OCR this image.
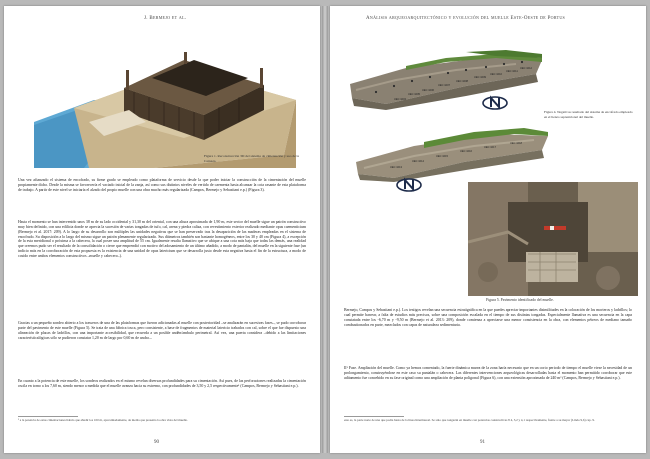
J. Bermejo et al.

Figura 1. Reconstrucción 3D del sistema de cimentación y uso de la Carnaza.

Una vez afianzado el sistema de encofrado, su firme grado se empleado como plataforma de servicio desde la que poder iniciar la construcción de la cimentación del muelle propiamente dicho. Desde la misma se favorecería el vaciado inicial de la zanja, así como sus distintos niveles de vertido de caementa hasta alcanzar la cota rasante de esta plataforma de trabajo. A partir de este nivel se iniciaría el alzado del propio muelle con una obra mucho más regularizada (Campos, Bermejo y Sebastiani e.p.) (Figura 3).

Hasta el momento se han intervenido unos 38 m de su lado occidental y 31,30 m del oriental, con una altura aproximada de 1,90 m, este sector del muelle sigue un patrón constructivo muy bien definido, con una edilicia donde se aprecia la sucesión de varias tongadas de tufo, cal, arena y piedra caliza, con revestimiento exterior realizado mediante opus caementicium (Bermejo et al. 2017: 209). A lo largo de su desarrollo son múltiples las unidades negativas que se han preservado tras la desaparición de las maderas empleadas en el sistema de encofrado. Su disposición a lo largo del mismo sigue un patrón plenamente regularizado. Sus diámetros también son bastante homogéneos, entre los 30 y 40 cm (Figura 4), a excepción de la esta meridional o próxima a la cabecera, la cual posee una amplitud de 55 cm. Igualmente resalta llamativo que se ubique a una cota más baja que todas las demás, una realidad que creemos pudo ser el resultado de la consolidación o cierre que emprendió con motivo del adosamiento de un último añadido, a modo de pantalán, del muelle en la siguiente fase (un indicio más en la corroboración de esta propuesta es la existencia de una unidad de opus latericium que se desarrolla justo desde esta negativa hasta el fin de la estructura, a modo de cosido entre ambos elementos constructivos –muelle y cabecero–).

Gracias a un pequeño sondeo abierto a los trasseros de una de las plataformas que fueron adicionadas al muelle con posterioridad –se analizarán en sucesivas fases–, se pudo corroborar parte del pavimento de este muelle (Figura 5). Se trata de una fábrica tosca, pero consistente, a base de fragmentos de material latericio trabados con cal, sobre el que fue dispuesto una alineación de placas de ladrillos, con una importante accesibilidad, que recuerda a un posible andén/ambulo perimetral. Así vez, una puerta considera –debido a las limitaciones característicalógicas sólo se pudieron constatar 1,20 m de largo por 0,60 m de ancho–.

En cuanto a la potencia de este muelle, los sondeos realizados en el mismo revelan diversas profundidades para su cimentación. Así pues, de las perforaciones realizadas la cimentación oscila en torno a los 7,60 m, siendo menor a medida que el muelle avanza hacia su extremo, con profundidades de 3,50 y 2,5 respectivamente¹ (Campos, Bermejo y Sebastiani e.p.).

¹ a la potencia de estas cimentaciones habría que añadir los 100 m, aproximadamente, de media que presenta la obra vista del muelle.

90
Análisis arqueoarquitectónico y evolución del muelle Este-Oeste de Portus
UEC 1004
UEC 1005
UEC 1006
UEC 1007
UEC 1008
UEC 1009
UEC 1010
UEC 1011
UEC 1012

Figura 4. Negativos resultado del sistema de encofrado empleado en el lienzo septentrional del muelle.

UEC 1013
UEC 1014
UEC 1015
UEC 1016
UEC 1017
UEC 1018

Figura 5. Pavimento identificado del muelle.

Bermejo, Campos y Sebastiani e.p.). Los testigos revelan una secuencia estratigráfica en la que puedes apreciar importantes disimilitudes en la coloración de los morteros y ladrillos; lo cual permite barrear, a falta de estudios más precisos, sobre una composición escalada en el tiempo de sus distintas tongadas. Especialmente llamativa es una secuencia en la capa constatada entre los -6,70 m y -9,50 m (Bermejo et al. 2013: 209), donde comienza a apreciarse una menor consistencia en la obra, con elementos pétreos de mediano tamaño combustionados en parte, mezclados con capas de naturaleza sedimentaria.

II¹ Fase. Ampliación del muelle. Como ya hemos comentado, la fuerte dinámica marea de la zona haría necesario que en un corto periodo de tiempo el muelle viese la necesidad de un prolongamiento, construyéndose en este caso su pantalán o cabecera. Las diferentes intervenciones arqueológicas desarrolladas hasta el momento han permitido corroborar que este aditamento fue concebido en su fase original como una ampliación de planta poligonal (Figura 6), con una extensión aproximada de 240 m² (Campos, Bermejo y Sebastiani e.p.).

este es, la parte norte de una que podía hasta de la línea Intermareal. Se sólo que tongarán en muelle con potencias constructivas 8 4, 3,2 y 4,1 respectivamente, frente a su mayor (Lindo 9,6) cap. 9.

91
